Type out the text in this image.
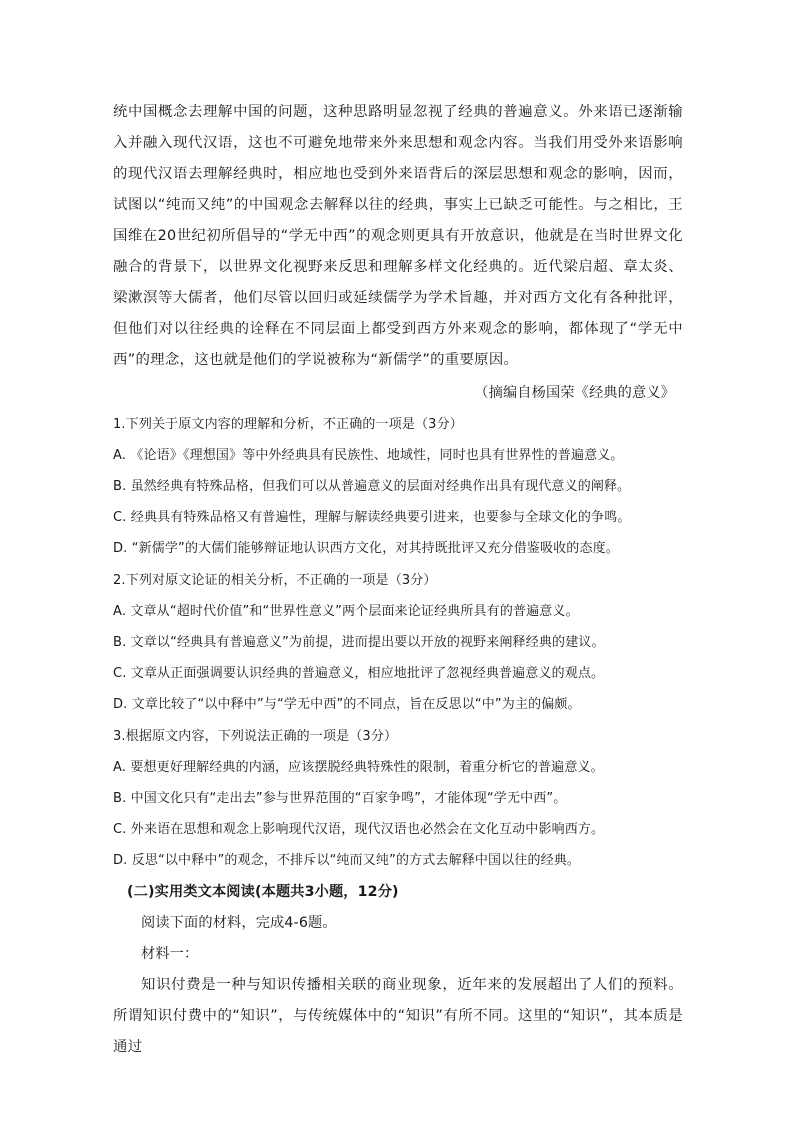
统中国概念去理解中国的问题，这种思路明显忽视了经典的普遍意义。外来语已逐渐输入并融入现代汉语，这也不可避免地带来外来思想和观念内容。当我们用受外来语影响的现代汉语去理解经典时，相应地也受到外来语背后的深层思想和观念的影响，因而，试图以“纯而又纯”的中国观念去解释以往的经典，事实上已缺乏可能性。与之相比，王国维在20世纪初所倡导的“学无中西”的观念则更具有开放意识，他就是在当时世界文化融合的背景下，以世界文化视野来反思和理解多样文化经典的。近代梁启超、章太炎、梁漱溟等大儒者，他们尽管以回归或延续儒学为学术旨趣，并对西方文化有各种批评，但他们对以往经典的诠释在不同层面上都受到西方外来观念的影响，都体现了“学无中西”的理念，这也就是他们的学说被称为“新儒学”的重要原因。
（摘编自杨国荣《经典的意义》
1.下列关于原文内容的理解和分析，不正确的一项是（3分）
A. 《论语》《理想国》等中外经典具有民族性、地域性，同时也具有世界性的普遍意义。
B. 虽然经典有特殊品格，但我们可以从普遍意义的层面对经典作出具有现代意义的阐释。
C. 经典具有特殊品格又有普遍性，理解与解读经典要引进来，也要参与全球文化的争鸣。
D. “新儒学”的大儒们能够辩证地认识西方文化，对其持既批评又充分借鉴吸收的态度。
2.下列对原文论证的相关分析，不正确的一项是（3分）
A. 文章从“超时代价值”和“世界性意义”两个层面来论证经典所具有的普遍意义。
B. 文章以“经典具有普遍意义”为前提，进而提出要以开放的视野来阐释经典的建议。
C. 文章从正面强调要认识经典的普遍意义，相应地批评了忽视经典普遍意义的观点。
D. 文章比较了“以中释中”与“学无中西”的不同点，旨在反思以“中”为主的偏颇。
3.根据原文内容，下列说法正确的一项是（3分）
A. 要想更好理解经典的内涵，应该摆脱经典特殊性的限制，着重分析它的普遍意义。
B. 中国文化只有“走出去”参与世界范围的“百家争鸣”，才能体现“学无中西”。
C. 外来语在思想和观念上影响现代汉语，现代汉语也必然会在文化互动中影响西方。
D. 反思“以中释中”的观念，不排斥以“纯而又纯”的方式去解释中国以往的经典。
(二)实用类文本阅读(本题共3小题，12分)
阅读下面的材料，完成4-6题。
材料一：
知识付费是一种与知识传播相关联的商业现象，近年来的发展超出了人们的预料。所谓知识付费中的“知识”，与传统媒体中的“知识”有所不同。这里的“知识”，其本质是通过
